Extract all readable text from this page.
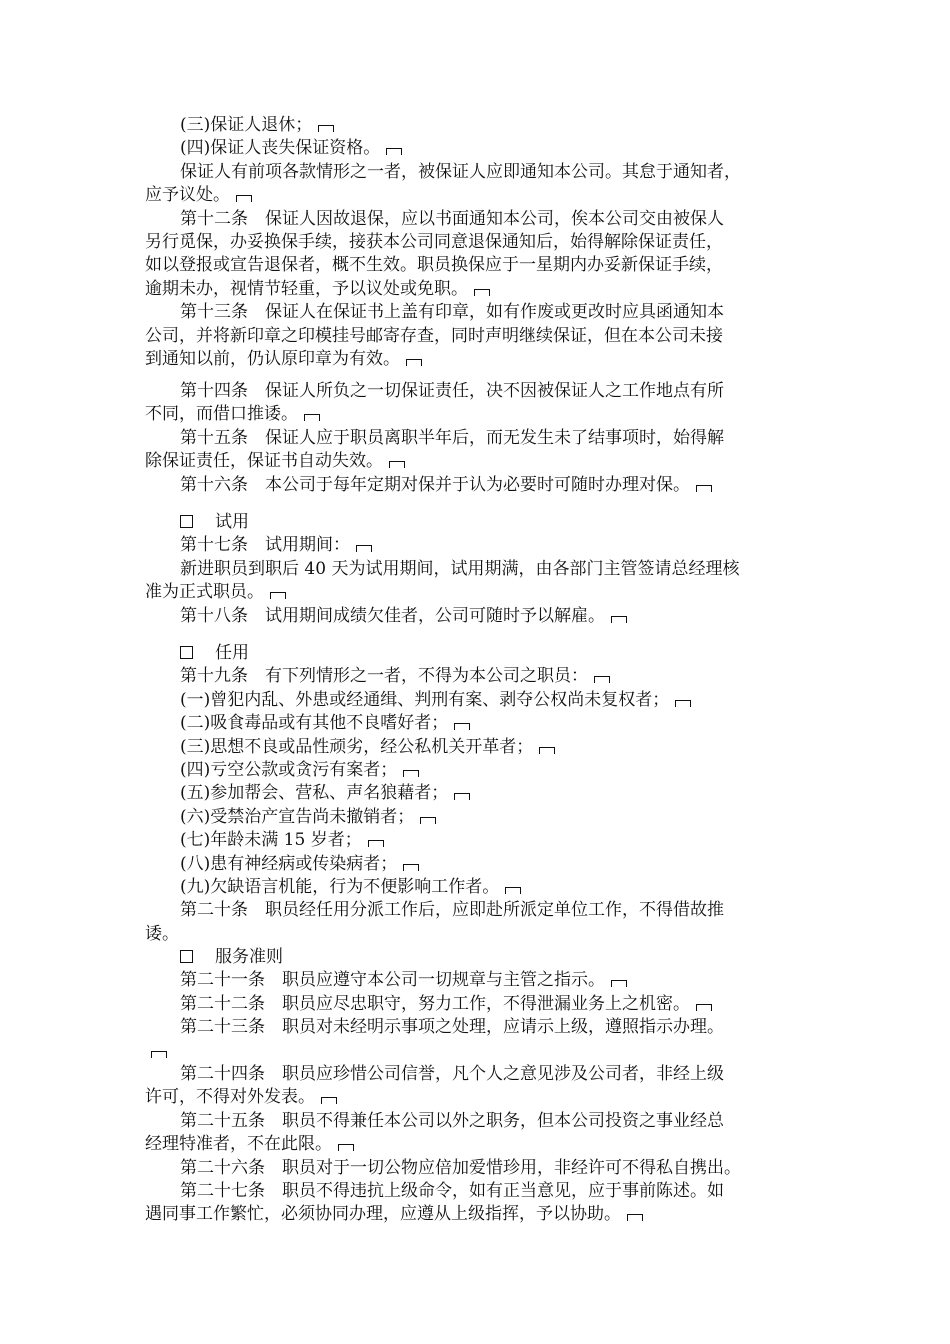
(三)保证人退休；
(四)保证人丧失保证资格。
保证人有前项各款情形之一者，被保证人应即通知本公司。其怠于通知者，
应予议处。
第十二条　保证人因故退保，应以书面通知本公司，俟本公司交由被保人
另行觅保，办妥换保手续，接获本公司同意退保通知后，始得解除保证责任，
如以登报或宣告退保者，概不生效。职员换保应于一星期内办妥新保证手续，
逾期未办，视情节轻重，予以议处或免职。
第十三条　保证人在保证书上盖有印章，如有作废或更改时应具函通知本
公司，并将新印章之印模挂号邮寄存查，同时声明继续保证，但在本公司未接
到通知以前，仍认原印章为有效。
第十四条　保证人所负之一切保证责任，决不因被保证人之工作地点有所
不同，而借口推诿。
第十五条　保证人应于职员离职半年后，而无发生未了结事项时，始得解
除保证责任，保证书自动失效。
第十六条　本公司于每年定期对保并于认为必要时可随时办理对保。
试用
第十七条　试用期间：
新进职员到职后 40 天为试用期间，试用期满，由各部门主管签请总经理核
准为正式职员。
第十八条　试用期间成绩欠佳者，公司可随时予以解雇。
任用
第十九条　有下列情形之一者，不得为本公司之职员：
(一)曾犯内乱、外患或经通缉、判刑有案、剥夺公权尚未复权者；
(二)吸食毒品或有其他不良嗜好者；
(三)思想不良或品性顽劣，经公私机关开革者；
(四)亏空公款或贪污有案者；
(五)参加帮会、营私、声名狼藉者；
(六)受禁治产宣告尚未撤销者；
(七)年龄未满 15 岁者；
(八)患有神经病或传染病者；
(九)欠缺语言机能，行为不便影响工作者。
第二十条　职员经任用分派工作后，应即赴所派定单位工作，不得借故推
诿。
服务准则
第二十一条　职员应遵守本公司一切规章与主管之指示。
第二十二条　职员应尽忠职守，努力工作，不得泄漏业务上之机密。
第二十三条　职员对未经明示事项之处理，应请示上级，遵照指示办理。
第二十四条　职员应珍惜公司信誉，凡个人之意见涉及公司者，非经上级
许可，不得对外发表。
第二十五条　职员不得兼任本公司以外之职务，但本公司投资之事业经总
经理特准者，不在此限。
第二十六条　职员对于一切公物应倍加爱惜珍用，非经许可不得私自携出。
第二十七条　职员不得违抗上级命令，如有正当意见，应于事前陈述。如
遇同事工作繁忙，必须协同办理，应遵从上级指挥，予以协助。
